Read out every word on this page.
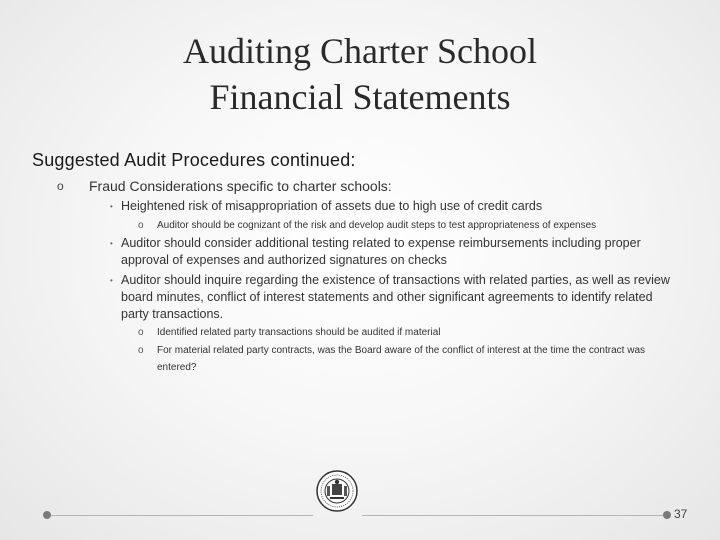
Auditing Charter School
Financial Statements
Suggested Audit Procedures continued:
o	Fraud Considerations specific to charter schools:
• Heightened risk of misappropriation of assets due to high use of credit cards
o	Auditor should be cognizant of the risk and develop audit steps to test appropriateness of expenses
• Auditor should consider additional testing related to expense reimbursements including proper approval of expenses and authorized signatures on checks
• Auditor should inquire regarding the existence of transactions with related parties, as well as review board minutes, conflict of interest statements and other significant agreements to identify related party transactions.
o	Identified related party transactions should be audited if material
o	For material related party contracts, was the Board aware of the conflict of interest at the time the contract was entered?
37
